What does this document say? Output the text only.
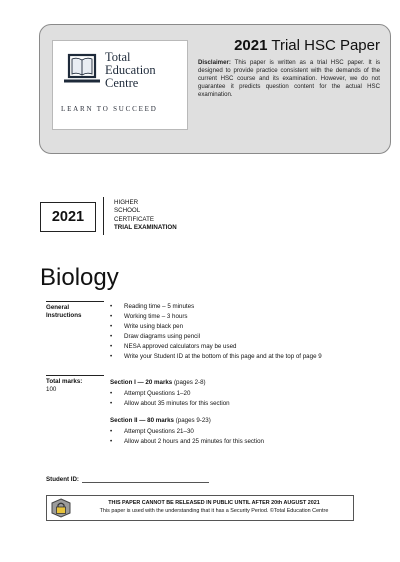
Total
Education
Centre
LEARN TO SUCCEED
2021 Trial HSC Paper
Disclaimer: This paper is written as a trial HSC paper. It is designed to provide practice consistent with the demands of the current HSC course and its examination. However, we do not guarantee it predicts question content for the actual HSC examination.
2021
HIGHER
SCHOOL
CERTIFICATE
TRIAL EXAMINATION
Biology
General
Instructions
• Reading time – 5 minutes
• Working time – 3 hours
• Write using black pen
• Draw diagrams using pencil
• NESA approved calculators may be used
• Write your Student ID at the bottom of this page and at the top of page 9
Total marks:
100
Section I — 20 marks (pages 2-8)
• Attempt Questions 1–20
• Allow about 35 minutes for this section
Section II — 80 marks (pages 9-23)
• Attempt Questions 21–30
• Allow about 2 hours and 25 minutes for this section
Student ID:
THIS PAPER CANNOT BE RELEASED IN PUBLIC UNTIL AFTER 20th AUGUST 2021
This paper is used with the understanding that it has a Security Period. ©Total Education Centre
